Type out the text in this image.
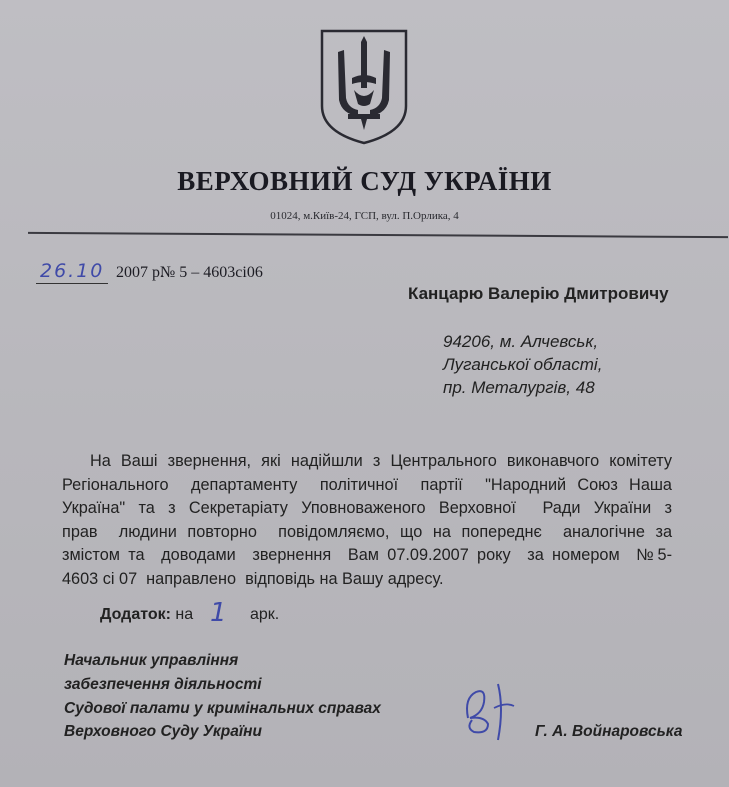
ВЕРХОВНИЙ СУД УКРАЇНИ
01024, м.Київ-24, ГСП, вул. П.Орлика, 4
26.10 2007 р.
№ 5 – 4603сі06
Канцарю Валерію Дмитровичу
94206, м. Алчевськ,
Луганської області,
пр. Металургів, 48
На Ваші звернення, які надійшли з Центрального виконавчого комітету
Регіонального  департаменту  політичної  партії  "Народний Союз Наша
Україна" та з Секретаріату Уповноваженого Верховної  Ради України з
прав  людини повторно  повідомляємо, що на попереднє  аналогічне за
змістом та  доводами  звернення  Вам 07.09.2007 року  за номером  №5-
4603 сі 07  направлено  відповідь на Вашу адресу.
Додаток: на 1 арк.
Начальник управління
забезпечення діяльності
Судової палати у кримінальних справах
Верховного Суду України	Г. А. Войнаровська
